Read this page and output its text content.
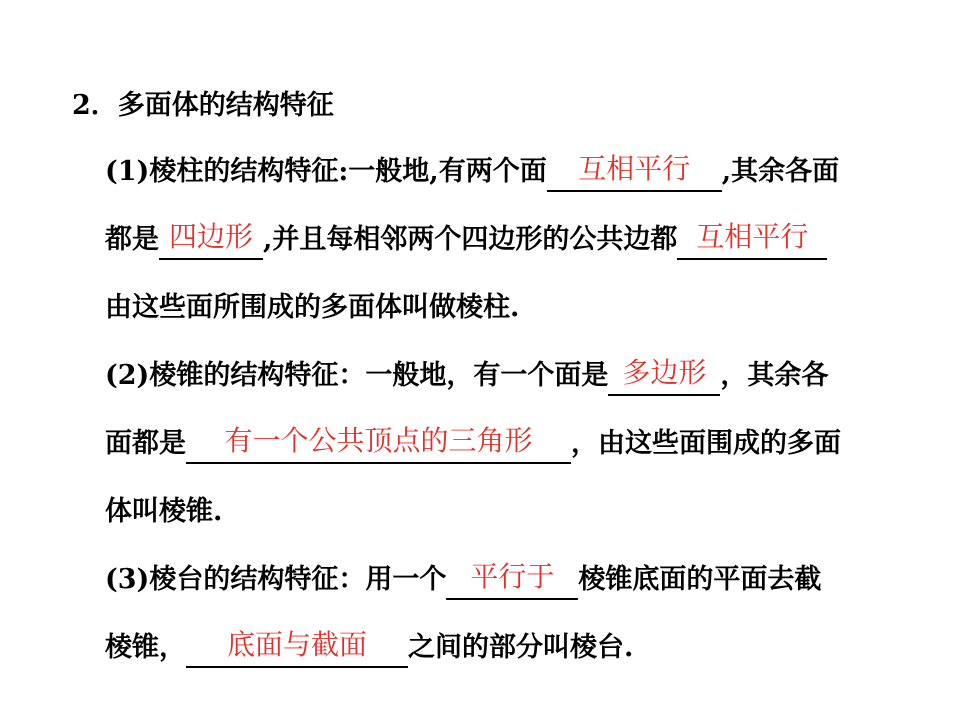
2．多面体的结构特征
(1)棱柱的结构特征:一般地,有两个面	互相平行	,其余各面
都是 四边形 ,并且每相邻两个四边形的公共边都 互相平行
由这些面所围成的多面体叫做棱柱.
(2)棱锥的结构特征：一般地，有一个面是 多边形 ，其余各
面都是	有一个公共顶点的三角形	，由这些面围成的多面
体叫棱锥.
(3)棱台的结构特征：用一个 平行于 棱锥底面的平面去截
棱锥，	底面与截面	之间的部分叫棱台.
